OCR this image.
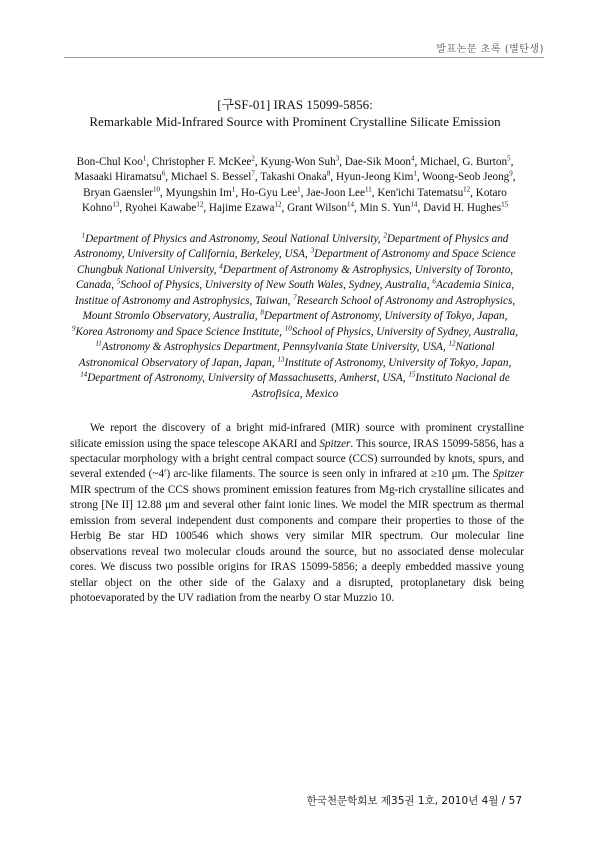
발표논문 초록 (별탄생)
[구SF-01] IRAS 15099-5856:
Remarkable Mid-Infrared Source with Prominent Crystalline Silicate Emission
Bon-Chul Koo$^1$, Christopher F. McKee$^2$, Kyung-Won Suh$^3$, Dae-Sik Moon$^4$, Michael, G. Burton$^5$, Masaaki Hiramatsu$^6$, Michael S. Bessel$^7$, Takashi Onaka$^8$, Hyun-Jeong Kim$^1$, Woong-Seob Jeong$^9$, Bryan Gaensler$^{10}$, Myungshin Im$^1$, Ho-Gyu Lee$^1$, Jae-Joon Lee$^{11}$, Ken'ichi Tatematsu$^{12}$, Kotaro Kohno$^{13}$, Ryohei Kawabe$^{12}$, Hajime Ezawa$^{12}$, Grant Wilson$^{14}$, Min S. Yun$^{14}$, David H. Hughes$^{15}$
$^1$Department of Physics and Astronomy, Seoul National University, $^2$Department of Physics and Astronomy, University of California, Berkeley, USA, $^3$Department of Astronomy and Space Science Chungbuk National University, $^4$Department of Astronomy & Astrophysics, University of Toronto, Canada, $^5$School of Physics, University of New South Wales, Sydney, Australia, $^6$Academia Sinica, Institue of Astronomy and Astrophysics, Taiwan, $^7$Research School of Astronomy and Astrophysics, Mount Stromlo Observatory, Australia, $^8$Department of Astronomy, University of Tokyo, Japan, $^9$Korea Astronomy and Space Science Institute, $^{10}$School of Physics, University of Sydney, Australia, $^{11}$Astronomy & Astrophysics Department, Pennsylvania State University, USA, $^{12}$National Astronomical Observatory of Japan, Japan, $^{13}$Institute of Astronomy, University of Tokyo, Japan, $^{14}$Department of Astronomy, University of Massachusetts, Amherst, USA, $^{15}$Instituto Nacional de Astrofisica, Mexico

We report the discovery of a bright mid-infrared (MIR) source with prominent crystalline silicate emission using the space telescope AKARI and Spitzer. This source, IRAS 15099-5856, has a spectacular morphology with a bright central compact source (CCS) surrounded by knots, spurs, and several extended (~4′) arc-like filaments. The source is seen only in infrared at ≥10 μm. The Spitzer MIR spectrum of the CCS shows prominent emission features from Mg-rich crystalline silicates and strong [Ne II] 12.88 μm and several other faint ionic lines. We model the MIR spectrum as thermal emission from several independent dust components and compare their properties to those of the Herbig Be star HD 100546 which shows very similar MIR spectrum. Our molecular line observations reveal two molecular clouds around the source, but no associated dense molecular cores. We discuss two possible origins for IRAS 15099-5856; a deeply embedded massive young stellar object on the other side of the Galaxy and a disrupted, protoplanetary disk being photoevaporated by the UV radiation from the nearby O star Muzzio 10.

한국천문학회보 제35권 1호, 2010년 4월 / 57
